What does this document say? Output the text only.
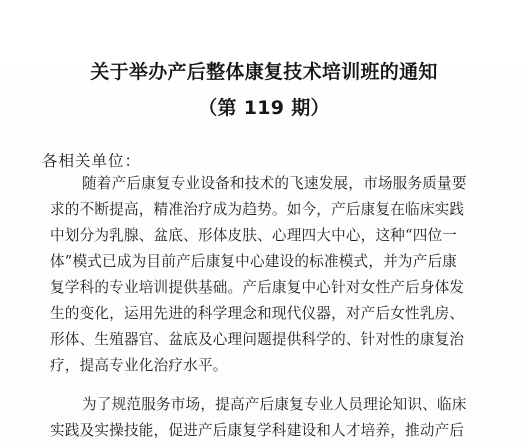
关于举办产后整体康复技术培训班的通知
（第 119 期）
各相关单位：
随着产后康复专业设备和技术的飞速发展，市场服务质量要
求的不断提高，精准治疗成为趋势。如今，产后康复在临床实践
中划分为乳腺、盆底、形体皮肤、心理四大中心，这种“四位一
体”模式已成为目前产后康复中心建设的标准模式，并为产后康
复学科的专业培训提供基础。产后康复中心针对女性产后身体发
生的变化，运用先进的科学理念和现代仪器，对产后女性乳房、
形体、生殖器官、盆底及心理问题提供科学的、针对性的康复治
疗，提高专业化治疗水平。
为了规范服务市场，提高产后康复专业人员理论知识、临床
实践及实操技能，促进产后康复学科建设和人才培养，推动产后
